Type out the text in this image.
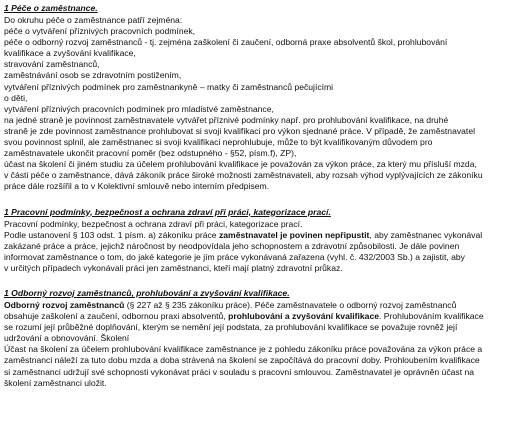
1 Péče o zaměstnance.
Do okruhu péče o zaměstnance patří zejména:
péče o vytváření příznivých pracovních podmínek,
péče o odborný rozvoj zaměstnanců - tj. zejména zaškolení či zaučení, odborná praxe absolventů škol, prohlubování
kvalifikace a zvyšování kvalifikace,
stravování zaměstnanců,
zaměstnávání osob se zdravotním postižením,
vytváření příznivých podmínek pro zaměstnankyně – matky či zaměstnanců pečujícími
o děti,
vytváření příznivých pracovních podmínek pro mladistvé zaměstnance,
na jedné straně je povinnost zaměstnavatele vytvářet příznivé podmínky např. pro prohlubování kvalifikace, na druhé
straně je zde povinnost zaměstnance prohlubovat si svoji kvalifikaci pro výkon sjednané práce. V případě, že zaměstnavatel
svou povinnost splnil, ale zaměstnanec si svoji kvalifikaci neprohlubuje, může to být kvalifikovaným důvodem pro
zaměstnavatele ukončit pracovní poměr (bez odstupného - §52, písm.f), ZP),
účast na školení či jiném studiu za účelem prohlubování kvalifikace je považován za výkon práce, za který mu přísluší mzda,
v části péče o zaměstnance, dává zákoník práce široké možnosti zaměstnavateli, aby rozsah výhod vyplývajících ze zákoníku
práce dále rozšířil a to v Kolektivní smlouvě nebo interním předpisem.
1 Pracovní podmínky, bezpečnost a ochrana zdraví při práci, kategorizace prací.
Pracovní podmínky, bezpečnost a ochrana zdraví při práci, kategorizace prací.
Podle ustanovení § 103 odst. 1 písm. a) zákoníku práce zaměstnavatel je povinen nepřipustit, aby zaměstnanec vykonával
zakázané práce a práce, jejichž náročnost by neodpovídala jeho schopnostem a zdravotní způsobilosti. Je dále povinen
informovat zaměstnance o tom, do jaké kategorie je jím práce vykonávaná zařazena (vyhl. č. 432/2003 Sb.) a zajistit, aby
v určitých případech vykonávali práci jen zaměstnanci, kteří mají platný zdravotní průkaz.
1 Odborný rozvoj zaměstnanců, prohlubování a zvyšování kvalifikace.
Odborný rozvoj zaměstnanců (§ 227 až § 235 zákoníku práce). Péče zaměstnavatele o odborný rozvoj zaměstnanců
obsahuje zaškolení a zaučení, odbornou praxi absolventů, prohlubování a zvyšování kvalifikace. Prohlubováním kvalifikace
se rozumí její průběžné doplňování, kterým se nemění její podstata, za prohlubování kvalifikace se považuje rovněž její
udržování a obnovování. Školení
Účast na školení za účelem prohlubování kvalifikace zaměstnance je z pohledu zákoníku práce považována za výkon práce a
zaměstnanci náleží za tuto dobu mzda a doba strávená na školení se započítává do pracovní doby. Prohloubením kvalifikace
si zaměstnanci udržují své schopnosti vykonávat práci v souladu s pracovní smlouvou. Zaměstnavatel je oprávněn účast na
školení zaměstnanci uložit.
